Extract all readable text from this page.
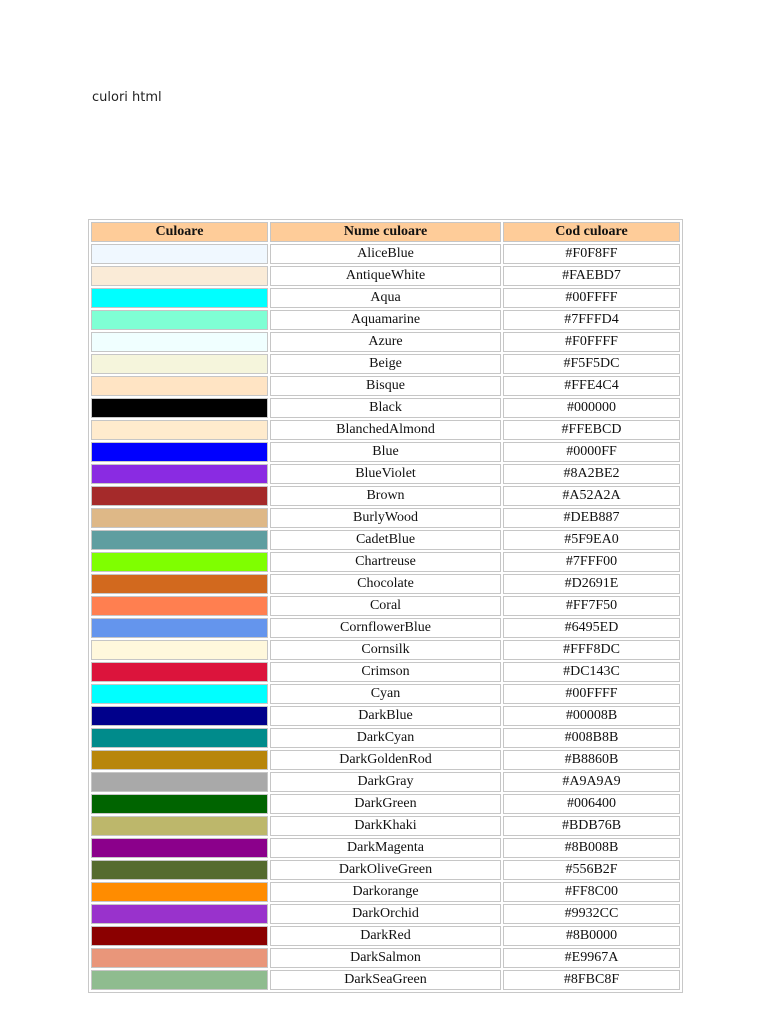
culori html
Culoare	Nume culoare	Cod culoare
	AliceBlue	#F0F8FF
	AntiqueWhite	#FAEBD7
	Aqua	#00FFFF
	Aquamarine	#7FFFD4
	Azure	#F0FFFF
	Beige	#F5F5DC
	Bisque	#FFE4C4
	Black	#000000
	BlanchedAlmond	#FFEBCD
	Blue	#0000FF
	BlueViolet	#8A2BE2
	Brown	#A52A2A
	BurlyWood	#DEB887
	CadetBlue	#5F9EA0
	Chartreuse	#7FFF00
	Chocolate	#D2691E
	Coral	#FF7F50
	CornflowerBlue	#6495ED
	Cornsilk	#FFF8DC
	Crimson	#DC143C
	Cyan	#00FFFF
	DarkBlue	#00008B
	DarkCyan	#008B8B
	DarkGoldenRod	#B8860B
	DarkGray	#A9A9A9
	DarkGreen	#006400
	DarkKhaki	#BDB76B
	DarkMagenta	#8B008B
	DarkOliveGreen	#556B2F
	Darkorange	#FF8C00
	DarkOrchid	#9932CC
	DarkRed	#8B0000
	DarkSalmon	#E9967A
	DarkSeaGreen	#8FBC8F
